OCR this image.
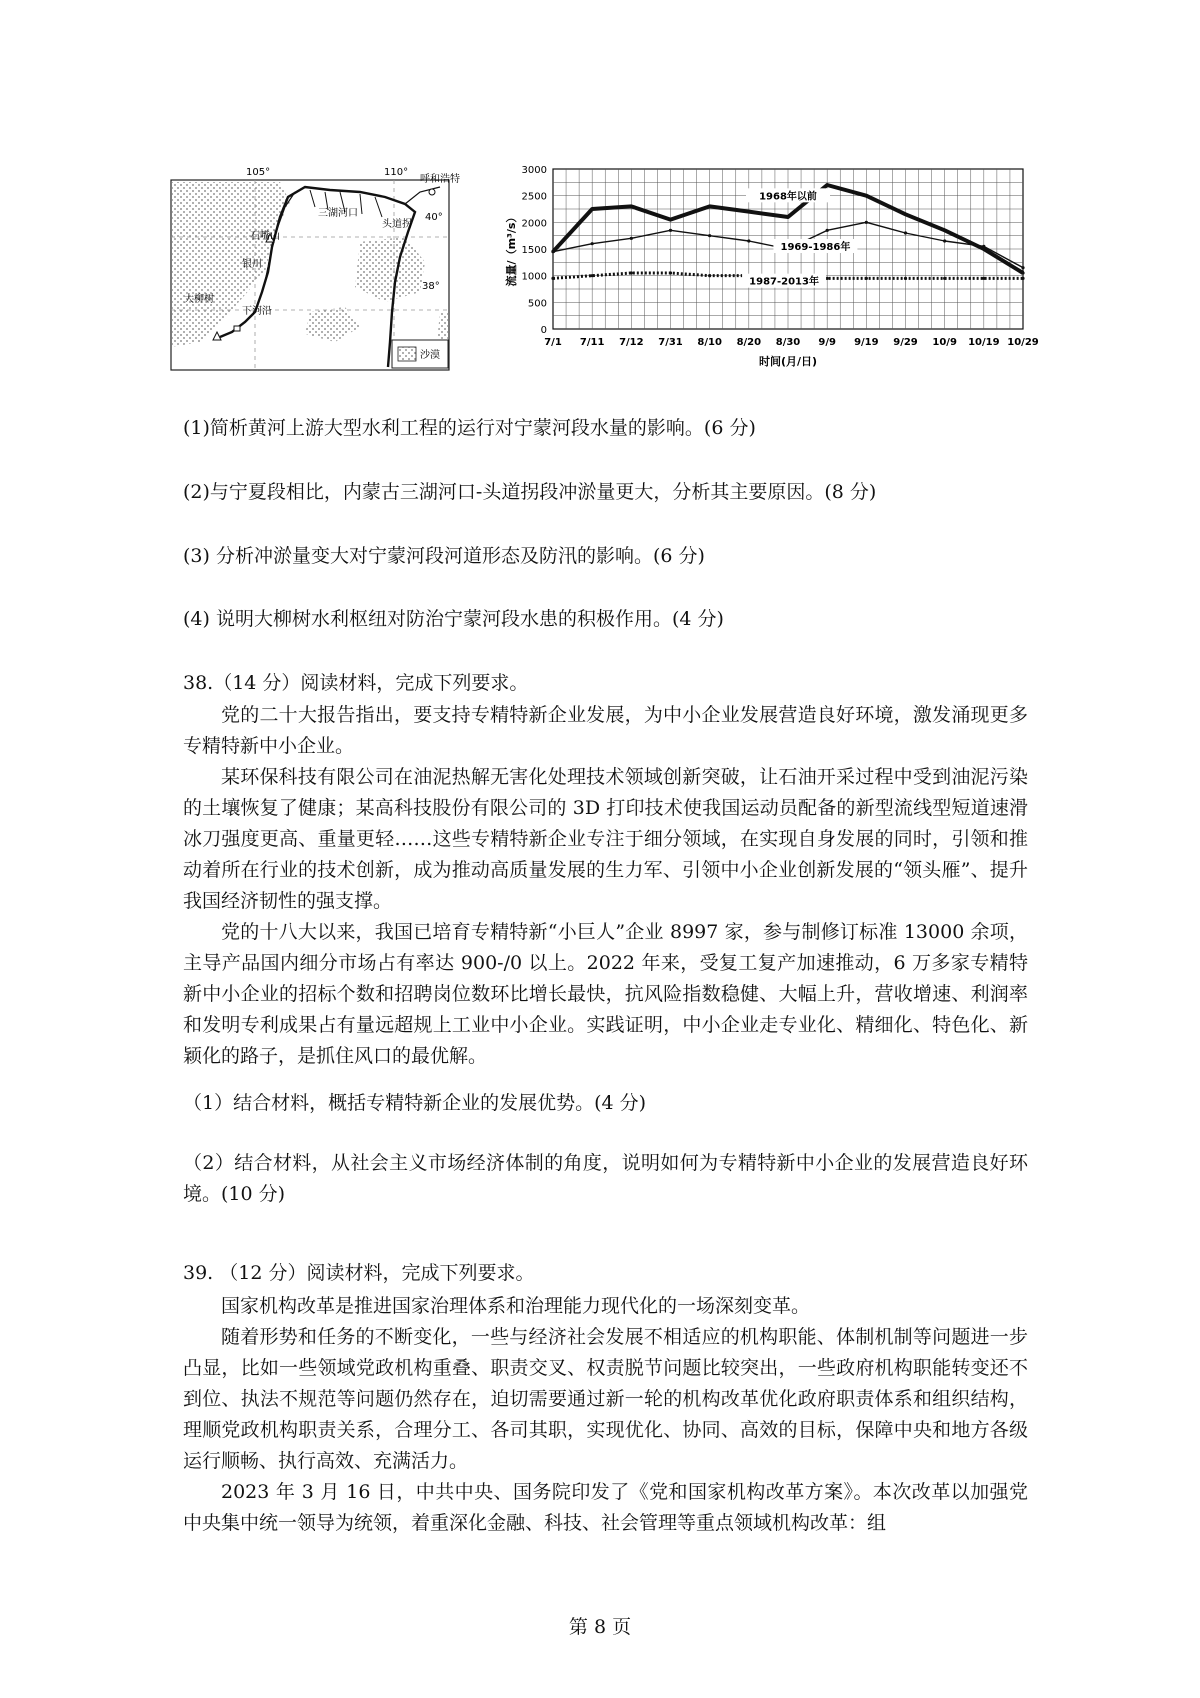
105°	110°
呼和浩特
三湖河口
头道拐
40°
石嘴山
银川
38°
大柳树
下河沿
沙漠
3000
2500
2000
1500
1000
500
0
7/1 7/11 7/12 7/31 8/10 8/20 8/30 9/9 9/19 9/29 10/9 10/19 10/29
时间(月/日)
流量/（m³/s）
1968年以前
1969-1986年
1987-2013年
(1)简析黄河上游大型水利工程的运行对宁蒙河段水量的影响。(6 分)
(2)与宁夏段相比，内蒙古三湖河口-头道拐段冲淤量更大，分析其主要原因。(8 分)
(3) 分析冲淤量变大对宁蒙河段河道形态及防汛的影响。(6 分)
(4) 说明大柳树水利枢纽对防治宁蒙河段水患的积极作用。(4 分)
38.（14 分）阅读材料，完成下列要求。

党的二十大报告指出，要支持专精特新企业发展，为中小企业发展营造良好环境，激发涌现更多专精特新中小企业。

某环保科技有限公司在油泥热解无害化处理技术领域创新突破，让石油开采过程中受到油泥污染的土壤恢复了健康；某高科技股份有限公司的 3D 打印技术使我国运动员配备的新型流线型短道速滑冰刀强度更高、重量更轻……这些专精特新企业专注于细分领域，在实现自身发展的同时，引领和推动着所在行业的技术创新，成为推动高质量发展的生力军、引领中小企业创新发展的“领头雁”、提升我国经济韧性的强支撑。

党的十八大以来，我国已培育专精特新“小巨人”企业 8997 家，参与制修订标准 13000 余项，主导产品国内细分市场占有率达 900-/0 以上。2022 年来，受复工复产加速推动，6 万多家专精特新中小企业的招标个数和招聘岗位数环比增长最快，抗风险指数稳健、大幅上升，营收增速、利润率和发明专利成果占有量远超规上工业中小企业。实践证明，中小企业走专业化、精细化、特色化、新颖化的路子，是抓住风口的最优解。

（1）结合材料，概括专精特新企业的发展优势。(4 分)

（2）结合材料，从社会主义市场经济体制的角度，说明如何为专精特新中小企业的发展营造良好环境。(10 分)

39. （12 分）阅读材料，完成下列要求。

国家机构改革是推进国家治理体系和治理能力现代化的一场深刻变革。

随着形势和任务的不断变化，一些与经济社会发展不相适应的机构职能、体制机制等问题进一步凸显，比如一些领域党政机构重叠、职责交叉、权责脱节问题比较突出，一些政府机构职能转变还不到位、执法不规范等问题仍然存在，迫切需要通过新一轮的机构改革优化政府职责体系和组织结构，理顺党政机构职责关系，合理分工、各司其职，实现优化、协同、高效的目标，保障中央和地方各级运行顺畅、执行高效、充满活力。

2023 年 3 月 16 日，中共中央、国务院印发了《党和国家机构改革方案》。本次改革以加强党中央集中统一领导为统领，着重深化金融、科技、社会管理等重点领域机构改革：组

第 8 页
